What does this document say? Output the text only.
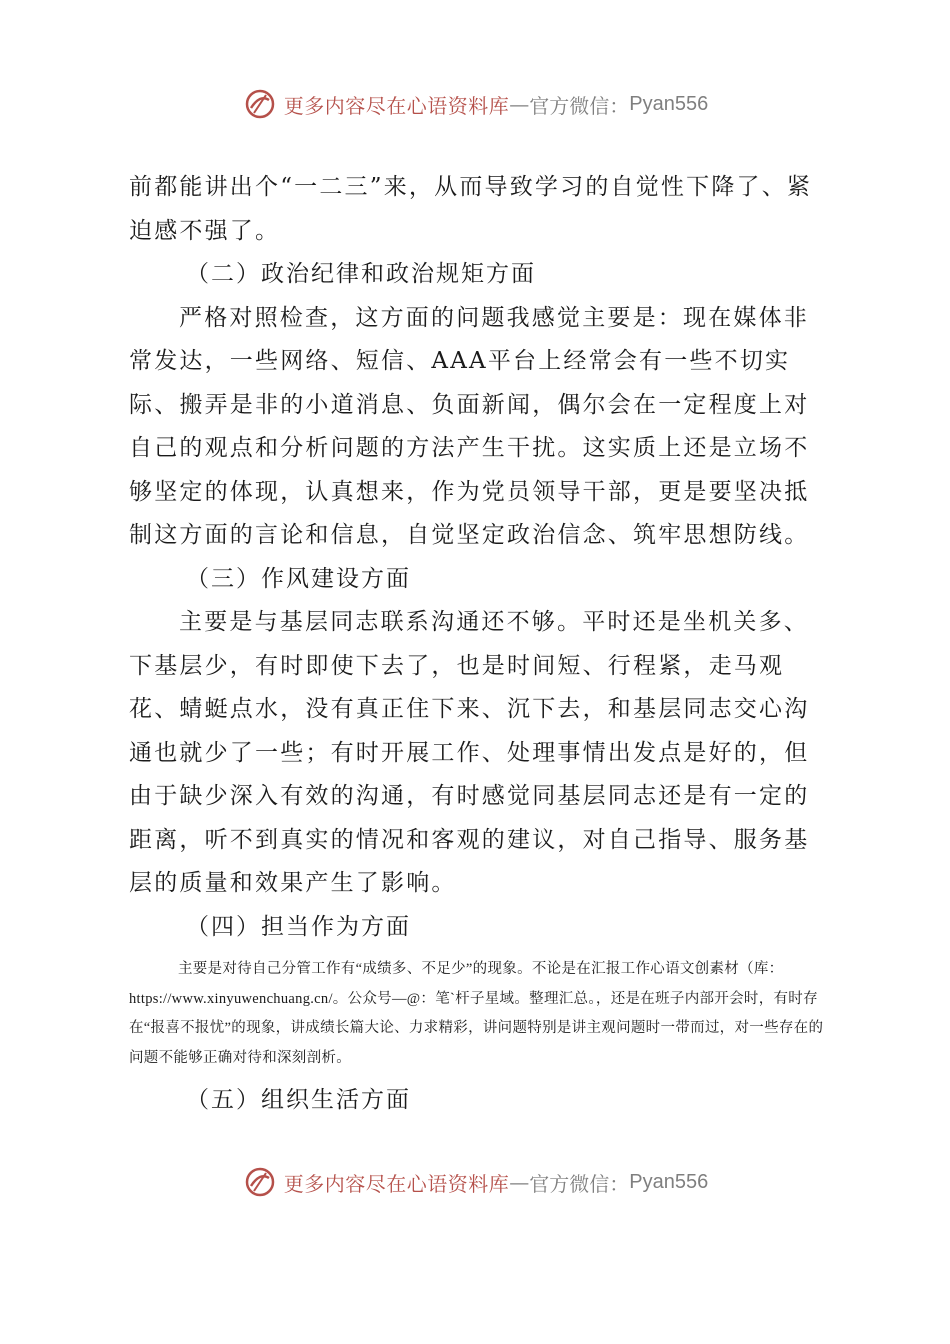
更多内容尽在心语资料库 — 官方微信： Pyan556

前都能讲出个“一二三”来，从而导致学习的自觉性下降了、紧迫感不强了。

（二）政治纪律和政治规矩方面

严格对照检查，这方面的问题我感觉主要是：现在媒体非常发达，一些网络、短信、AAA平台上经常会有一些不切实际、搬弄是非的小道消息、负面新闻，偶尔会在一定程度上对自己的观点和分析问题的方法产生干扰。这实质上还是立场不够坚定的体现，认真想来，作为党员领导干部，更是要坚决抵制这方面的言论和信息，自觉坚定政治信念、筑牢思想防线。

（三）作风建设方面

主要是与基层同志联系沟通还不够。平时还是坐机关多、下基层少，有时即使下去了，也是时间短、行程紧，走马观花、蜻蜓点水，没有真正住下来、沉下去，和基层同志交心沟通也就少了一些；有时开展工作、处理事情出发点是好的，但由于缺少深入有效的沟通，有时感觉同基层同志还是有一定的距离，听不到真实的情况和客观的建议，对自己指导、服务基层的质量和效果产生了影响。

（四）担当作为方面

主要是对待自己分管工作有“成绩多、不足少”的现象。不论是在汇报工作心语文创素材（库：https://www.xinyuwenchuang.cn/。公众号—@：笔`杆子星域。整理汇总。，还是在班子内部开会时，有时存在“报喜不报忧”的现象，讲成绩长篇大论、力求精彩，讲问题特别是讲主观问题时一带而过，对一些存在的问题不能够正确对待和深刻剖析。

（五）组织生活方面

更多内容尽在心语资料库 — 官方微信： Pyan556
